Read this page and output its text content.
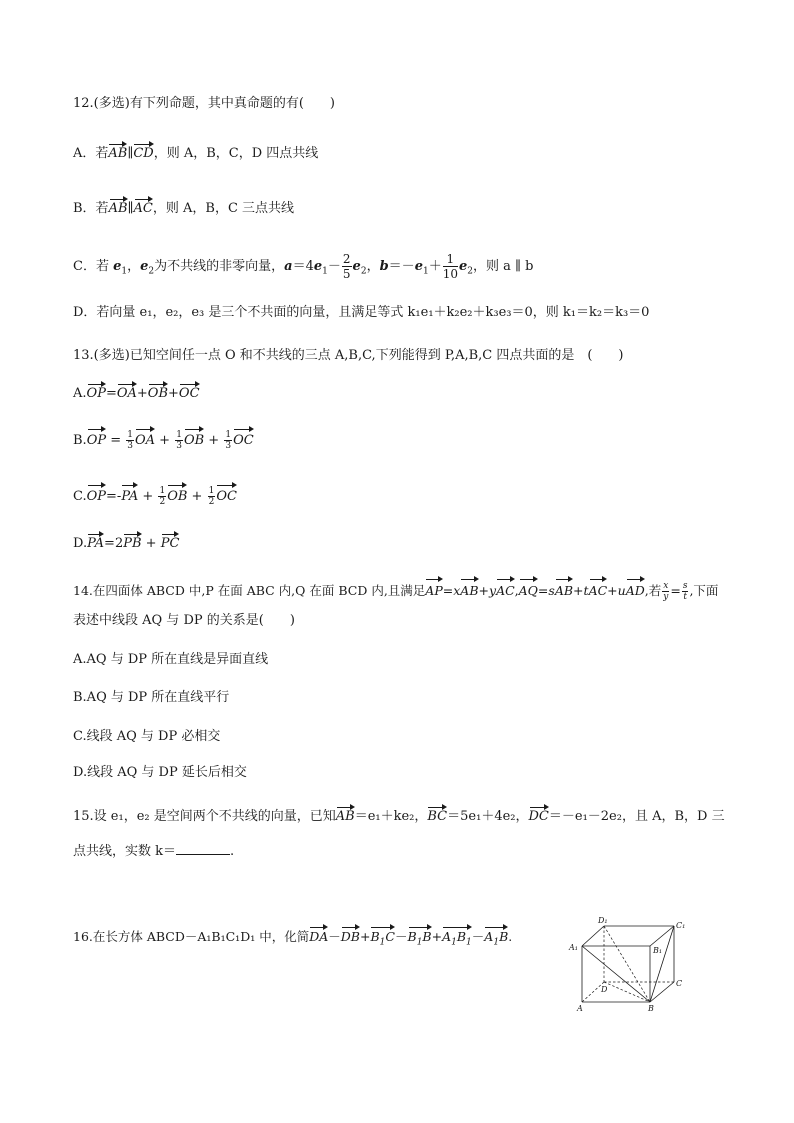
12.(多选)有下列命题，其中真命题的有(　　)
A．若AB∥CD，则 A，B，C，D 四点共线
B．若AB∥AC，则 A，B，C 三点共线
C．若 $e_1$，$e_2$为不共线的非零向量，$a=4e_1- \frac{2}{5} e_2$，$b=-e_1+ \frac{1}{10} e_2$，则 a ∥ b
D．若向量 e₁，e₂，e₃ 是三个不共面的向量，且满足等式 k₁e₁＋k₂e₂＋k₃e₃＝0，则 k₁＝k₂＝k₃＝0
13.(多选)已知空间任一点 O 和不共线的三点 A,B,C,下列能得到 P,A,B,C 四点共面的是　(　　)
A.OP=OA+OB+OC
$B.OP = \frac{1}{3}$ OA + $\frac{1}{3}$ OB + $\frac{1}{3}$ OC
$C.OP=-PA + \frac{1}{2}$ OB + $\frac{1}{2}$ OC
D.PA=2PB + PC
14.在四面体 ABCD 中,P 在面 ABC 内,Q 在面 BCD 内,且满足AP=xAB+yAC,AQ=sAB+tAC+uAD,若 $\frac{x}{y} = \frac{s}{t}$ ,下面
表述中线段 AQ 与 DP 的关系是(　　)
A.AQ 与 DP 所在直线是异面直线
B.AQ 与 DP 所在直线平行
C.线段 AQ 与 DP 必相交
D.线段 AQ 与 DP 延长后相交
15.设 e₁，e₂ 是空间两个不共线的向量，已知AB＝e₁＋ke₂，BC＝5e₁＋4e₂，DC＝－e₁－2e₂，且 A，B，D 三
点共线，实数 k＝	.
16.在长方体 ABCD－A₁B₁C₁D₁ 中，化简$DA-DB+B_1C-B_1B+A_1B_1-A_1B$.
D₁
C₁
A₁	B₁
D
C
A	B
